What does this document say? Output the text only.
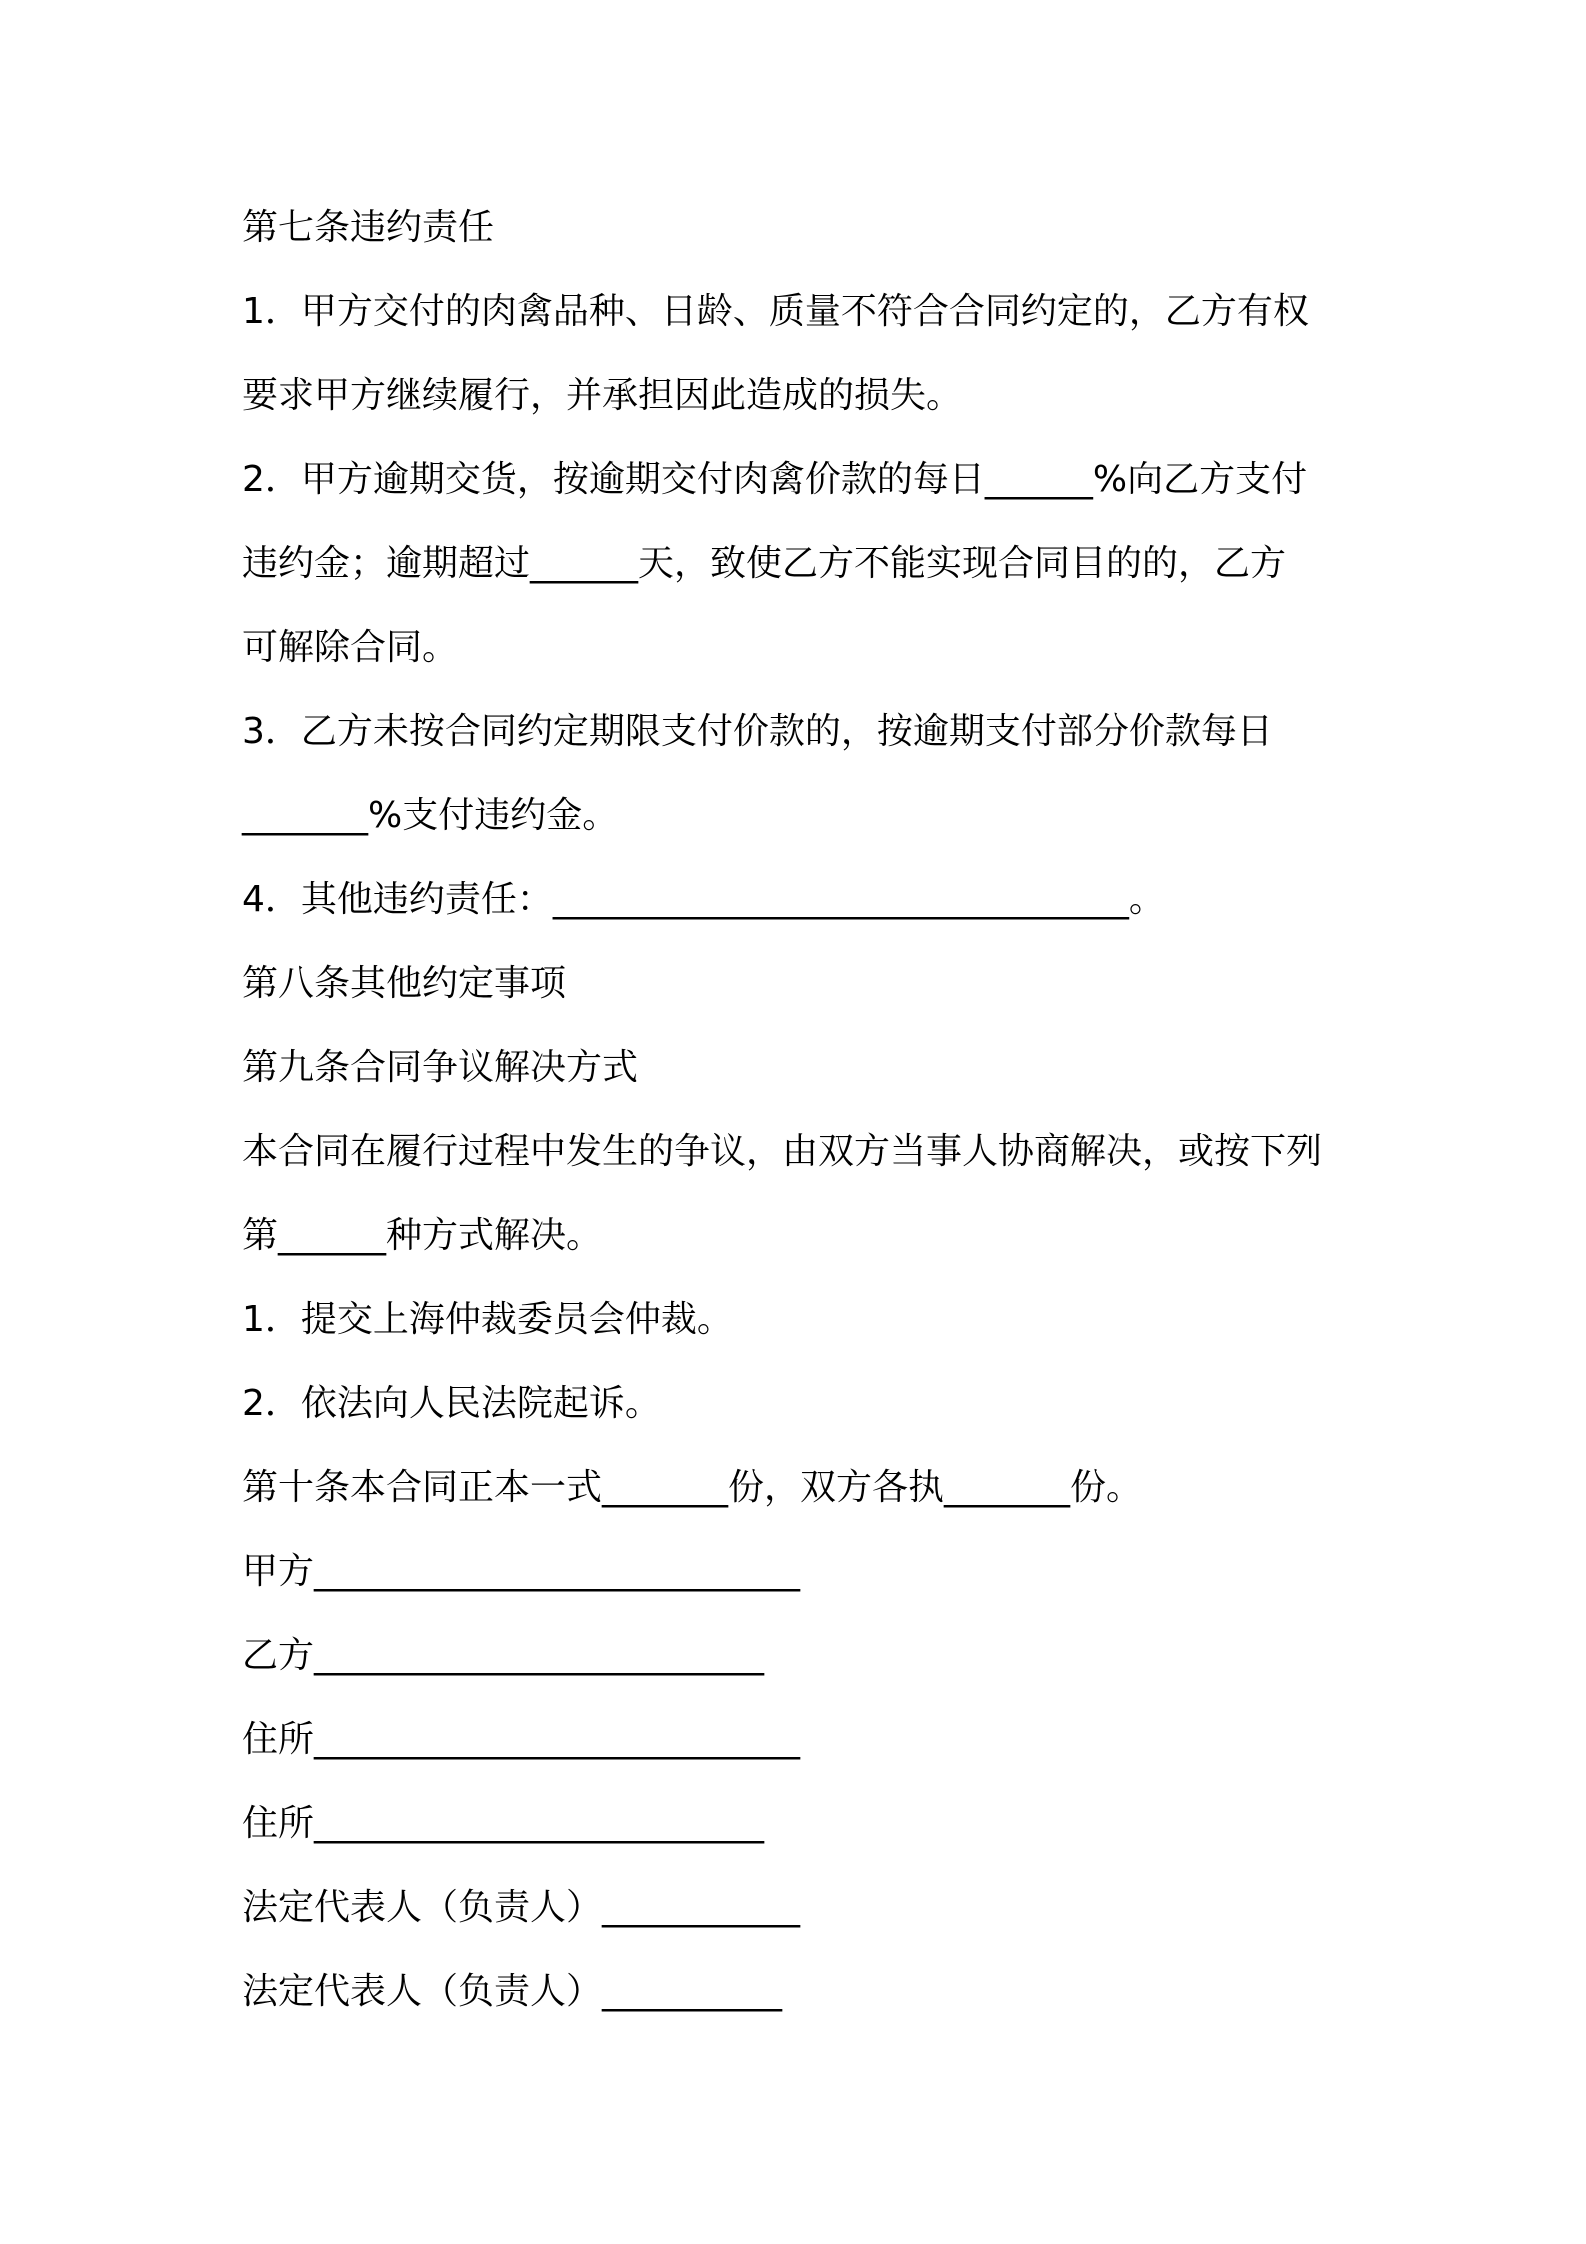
第七条违约责任

1．甲方交付的肉禽品种、日龄、质量不符合合同约定的，乙方有权

要求甲方继续履行，并承担因此造成的损失。

2．甲方逾期交货，按逾期交付肉禽价款的每日______%向乙方支付

违约金；逾期超过______天，致使乙方不能实现合同目的的，乙方

可解除合同。

3．乙方未按合同约定期限支付价款的，按逾期支付部分价款每日

_______%支付违约金。

4．其他违约责任：________________________________。

第八条其他约定事项

第九条合同争议解决方式

本合同在履行过程中发生的争议，由双方当事人协商解决，或按下列

第______种方式解决。

1．提交上海仲裁委员会仲裁。

2．依法向人民法院起诉。

第十条本合同正本一式_______份，双方各执_______份。

甲方___________________________

乙方_________________________

住所___________________________

住所_________________________

法定代表人（负责人）___________

法定代表人（负责人）__________
